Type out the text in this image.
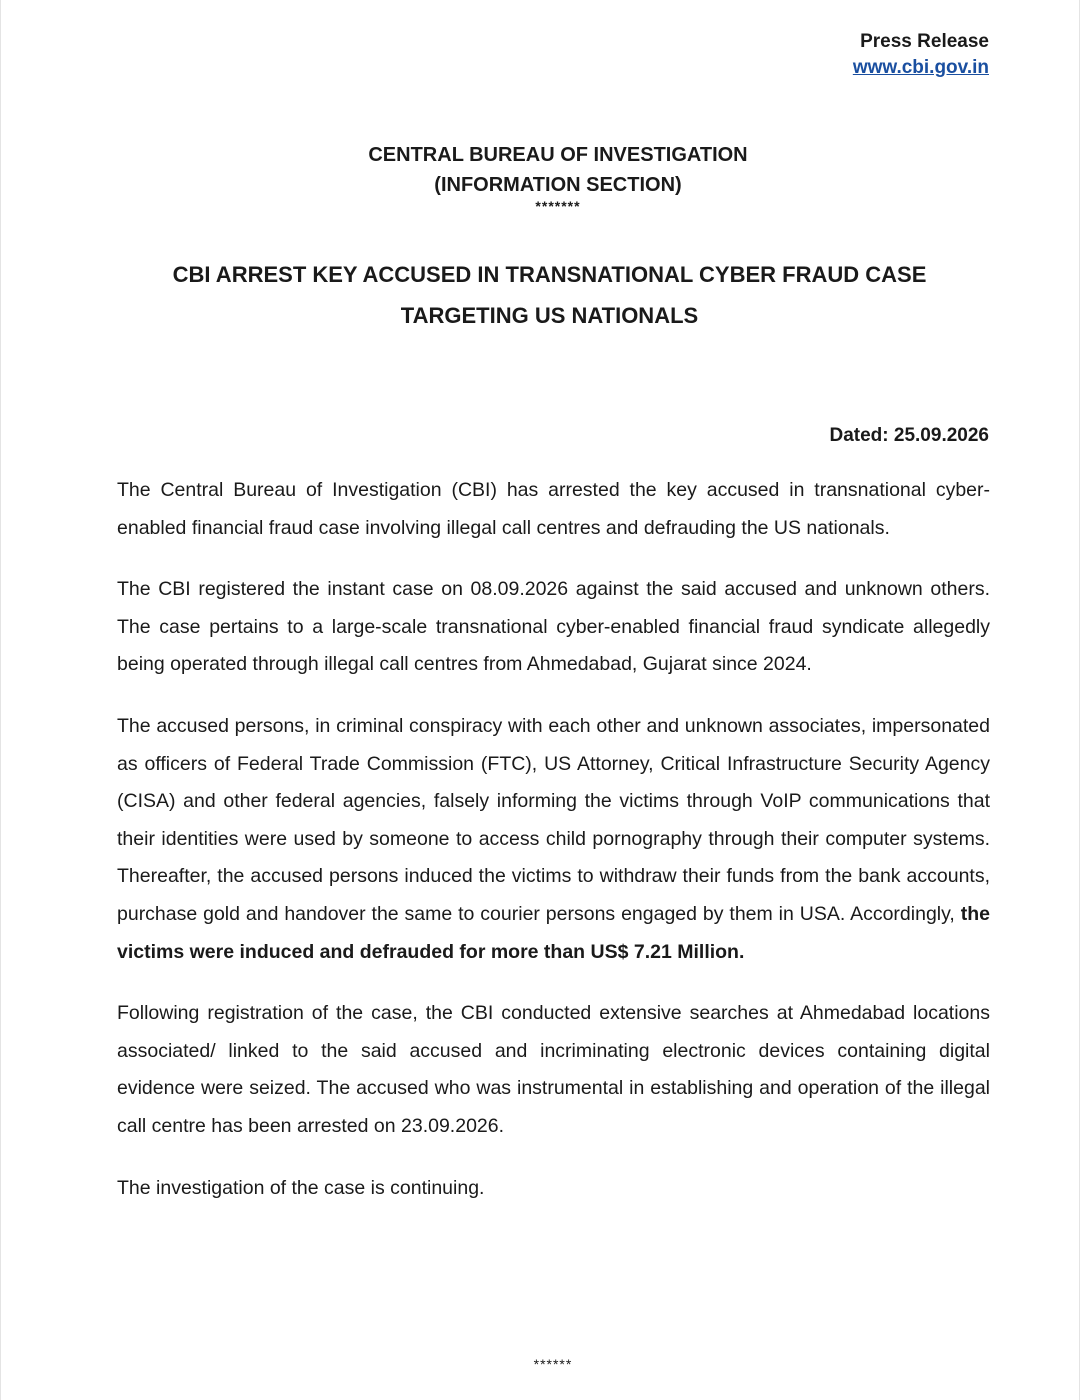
Press Release
www.cbi.gov.in
CENTRAL BUREAU OF INVESTIGATION
(INFORMATION SECTION)
*******
CBI ARREST KEY ACCUSED IN TRANSNATIONAL CYBER FRAUD CASE
TARGETING US NATIONALS
Dated: 25.09.2026

The Central Bureau of Investigation (CBI) has arrested the key accused in transnational cyber-enabled financial fraud case involving illegal call centres and defrauding the US nationals.

The CBI registered the instant case on 08.09.2026 against the said accused and unknown others. The case pertains to a large-scale transnational cyber-enabled financial fraud syndicate allegedly being operated through illegal call centres from Ahmedabad, Gujarat since 2024.

The accused persons, in criminal conspiracy with each other and unknown associates, impersonated as officers of Federal Trade Commission (FTC), US Attorney, Critical Infrastructure Security Agency (CISA) and other federal agencies, falsely informing the victims through VoIP communications that their identities were used by someone to access child pornography through their computer systems. Thereafter, the accused persons induced the victims to withdraw their funds from the bank accounts, purchase gold and handover the same to courier persons engaged by them in USA. Accordingly, the victims were induced and defrauded for more than US$ 7.21 Million.

Following registration of the case, the CBI conducted extensive searches at Ahmedabad locations associated/ linked to the said accused and incriminating electronic devices containing digital evidence were seized. The accused who was instrumental in establishing and operation of the illegal call centre has been arrested on 23.09.2026.

The investigation of the case is continuing.

******
